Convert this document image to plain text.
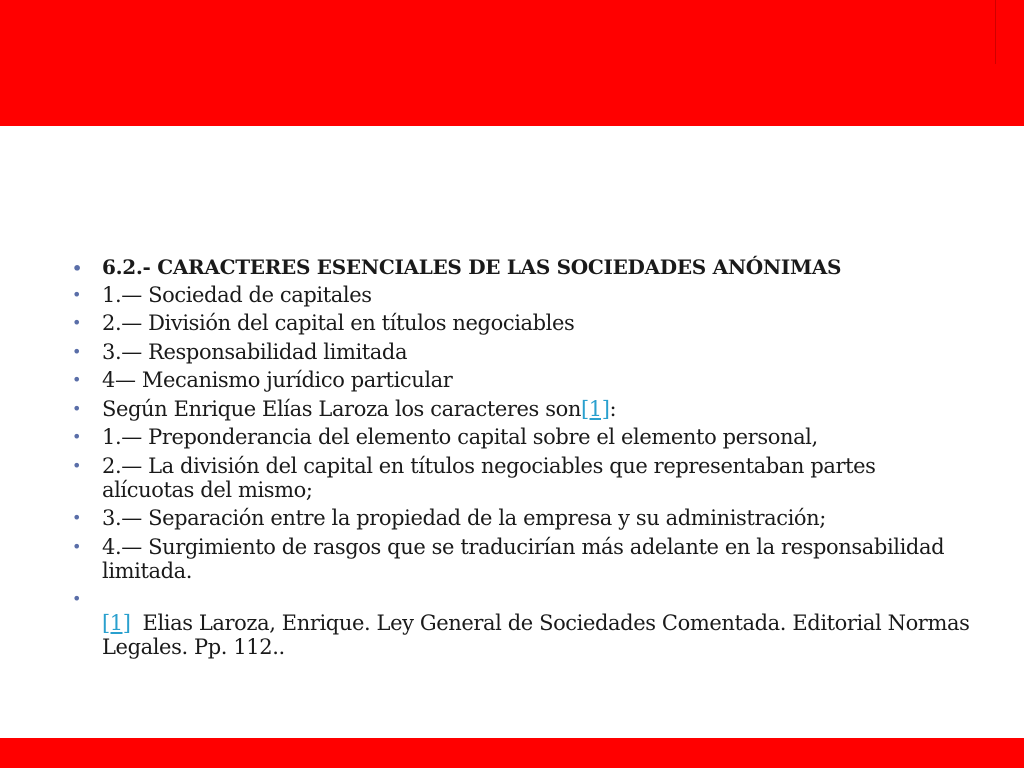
• 6.2.- CARACTERES ESENCIALES DE LAS SOCIEDADES ANÓNIMAS
• 1.— Sociedad de capitales
• 2.— División del capital en títulos negociables
• 3.— Responsabilidad limitada
• 4— Mecanismo jurídico particular
• Según Enrique Elías Laroza los caracteres son[1]:
• 1.— Preponderancia del elemento capital sobre el elemento personal,
• 2.— La división del capital en títulos negociables que representaban partes alícuotas del mismo;
• 3.— Separación entre la propiedad de la empresa y su administración;
• 4.— Surgimiento de rasgos que se traducirían más adelante en la responsabilidad limitada.

• [1] Elias Laroza, Enrique. Ley General de Sociedades Comentada. Editorial Normas Legales. Pp. 112..
